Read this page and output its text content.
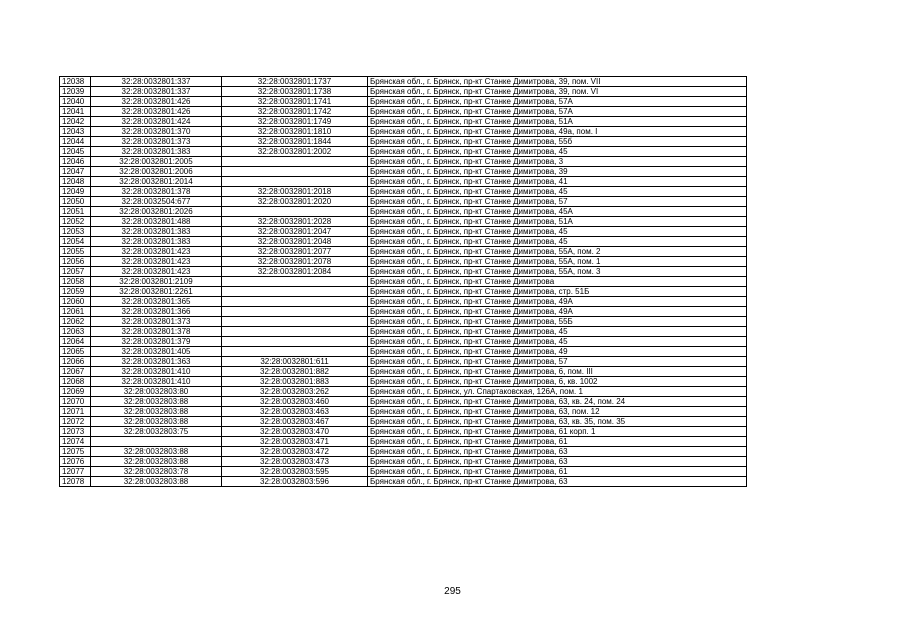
12038	32:28:0032801:337	32:28:0032801:1737	Брянская обл., г. Брянск, пр-кт Станке Димитрова, 39, пом. VII
12039	32:28:0032801:337	32:28:0032801:1738	Брянская обл., г. Брянск, пр-кт Станке Димитрова, 39, пом. VI
12040	32:28:0032801:426	32:28:0032801:1741	Брянская обл., г. Брянск, пр-кт Станке Димитрова, 57А
12041	32:28:0032801:426	32:28:0032801:1742	Брянская обл., г. Брянск, пр-кт Станке Димитрова, 57А
12042	32:28:0032801:424	32:28:0032801:1749	Брянская обл., г. Брянск, пр-кт Станке Димитрова, 51А
12043	32:28:0032801:370	32:28:0032801:1810	Брянская обл., г. Брянск, пр-кт Станке Димитрова, 49а, пом. I
12044	32:28:0032801:373	32:28:0032801:1844	Брянская обл., г. Брянск, пр-кт Станке Димитрова, 55б
12045	32:28:0032801:383	32:28:0032801:2002	Брянская обл., г. Брянск, пр-кт Станке Димитрова, 45
12046	32:28:0032801:2005		Брянская обл., г. Брянск, пр-кт Станке Димитрова, 3
12047	32:28:0032801:2006		Брянская обл., г. Брянск, пр-кт Станке Димитрова, 39
12048	32:28:0032801:2014		Брянская обл., г. Брянск, пр-кт Станке Димитрова, 41
12049	32:28:0032801:378	32:28:0032801:2018	Брянская обл., г. Брянск, пр-кт Станке Димитрова, 45
12050	32:28:0032504:677	32:28:0032801:2020	Брянская обл., г. Брянск, пр-кт Станке Димитрова, 57
12051	32:28:0032801:2026		Брянская обл., г. Брянск, пр-кт Станке Димитрова, 45А
12052	32:28:0032801:488	32:28:0032801:2028	Брянская обл., г. Брянск, пр-кт Станке Димитрова, 51А
12053	32:28:0032801:383	32:28:0032801:2047	Брянская обл., г. Брянск, пр-кт Станке Димитрова, 45
12054	32:28:0032801:383	32:28:0032801:2048	Брянская обл., г. Брянск, пр-кт Станке Димитрова, 45
12055	32:28:0032801:423	32:28:0032801:2077	Брянская обл., г. Брянск, пр-кт Станке Димитрова, 55А, пом. 2
12056	32:28:0032801:423	32:28:0032801:2078	Брянская обл., г. Брянск, пр-кт Станке Димитрова, 55А, пом. 1
12057	32:28:0032801:423	32:28:0032801:2084	Брянская обл., г. Брянск, пр-кт Станке Димитрова, 55А, пом. 3
12058	32:28:0032801:2109		Брянская обл., г. Брянск, пр-кт Станке Димитрова
12059	32:28:0032801:2261		Брянская обл., г. Брянск, пр-кт Станке Димитрова, стр. 51Б
12060	32:28:0032801:365		Брянская обл., г. Брянск, пр-кт Станке Димитрова, 49А
12061	32:28:0032801:366		Брянская обл., г. Брянск, пр-кт Станке Димитрова, 49А
12062	32:28:0032801:373		Брянская обл., г. Брянск, пр-кт Станке Димитрова, 55Б
12063	32:28:0032801:378		Брянская обл., г. Брянск, пр-кт Станке Димитрова, 45
12064	32:28:0032801:379		Брянская обл., г. Брянск, пр-кт Станке Димитрова, 45
12065	32:28:0032801:405		Брянская обл., г. Брянск, пр-кт Станке Димитрова, 49
12066	32:28:0032801:363	32:28:0032801:611	Брянская обл., г. Брянск, пр-кт Станке Димитрова, 57
12067	32:28:0032801:410	32:28:0032801:882	Брянская обл., г. Брянск, пр-кт Станке Димитрова, 6, пом. III
12068	32:28:0032801:410	32:28:0032801:883	Брянская обл., г. Брянск, пр-кт Станке Димитрова, 6, кв. 1002
12069	32:28:0032803:80	32:28:0032803:262	Брянская обл., г. Брянск, ул. Спартаковская, 126А, пом. 1
12070	32:28:0032803:88	32:28:0032803:460	Брянская обл., г. Брянск, пр-кт Станке Димитрова, 63, кв. 24, пом. 24
12071	32:28:0032803:88	32:28:0032803:463	Брянская обл., г. Брянск, пр-кт Станке Димитрова, 63, пом. 12
12072	32:28:0032803:88	32:28:0032803:467	Брянская обл., г. Брянск, пр-кт Станке Димитрова, 63, кв. 35, пом. 35
12073	32:28:0032803:75	32:28:0032803:470	Брянская обл., г. Брянск, пр-кт Станке Димитрова, 61 корп. 1
12074		32:28:0032803:471	Брянская обл., г. Брянск, пр-кт Станке Димитрова, 61
12075	32:28:0032803:88	32:28:0032803:472	Брянская обл., г. Брянск, пр-кт Станке Димитрова, 63
12076	32:28:0032803:88	32:28:0032803:473	Брянская обл., г. Брянск, пр-кт Станке Димитрова, 63
12077	32:28:0032803:78	32:28:0032803:595	Брянская обл., г. Брянск, пр-кт Станке Димитрова, 61
12078	32:28:0032803:88	32:28:0032803:596	Брянская обл., г. Брянск, пр-кт Станке Димитрова, 63
295
